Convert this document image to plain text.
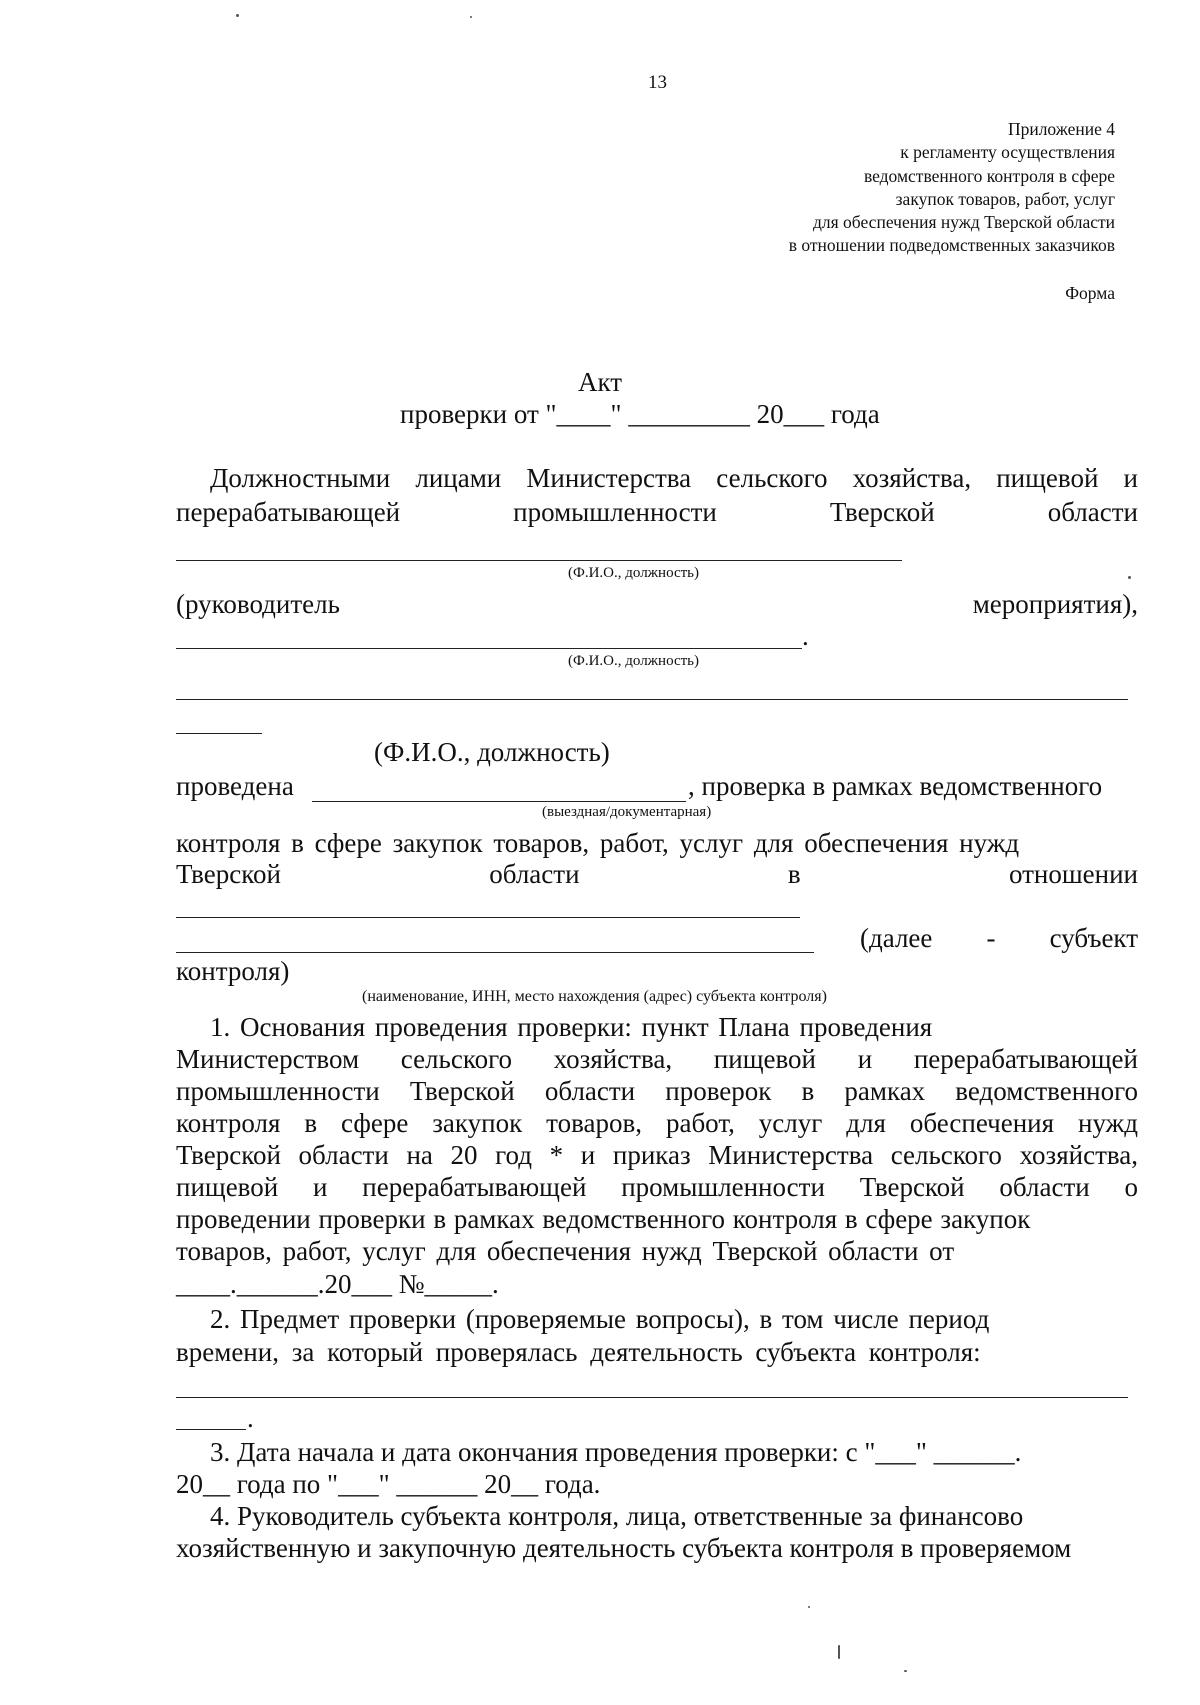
13
Приложение 4
к регламенту осуществления
ведомственного контроля в сфере
закупок товаров, работ, услуг
для обеспечения нужд Тверской области
в отношении подведомственных заказчиков
Форма
Акт
проверки от "____" _________ 20___ года
Должностными лицами Министерства сельского хозяйства, пищевой и
перерабатывающей промышленности Тверской области
(Ф.И.О., должность)
(руководитель	мероприятия),
.
(Ф.И.О., должность)
(Ф.И.О., должность)
проведена	, проверка в рамках ведомственного
(выездная/документарная)
контроля в сфере закупок товаров, работ, услуг для обеспечения нужд
Тверской области в отношении
(далее - субъект
контроля)
(наименование, ИНН, место нахождения (адрес) субъекта контроля)
1. Основания проведения проверки: пункт Плана проведения
Министерством сельского хозяйства, пищевой и перерабатывающей
промышленности Тверской области проверок в рамках ведомственного
контроля в сфере закупок товаров, работ, услуг для обеспечения нужд
Тверской области на 20 год * и приказ Министерства сельского хозяйства,
пищевой и перерабатывающей промышленности Тверской области о
проведении проверки в рамках ведомственного контроля в сфере закупок
товаров, работ, услуг для обеспечения нужд Тверской области от
____.______.20___ №_____.
2. Предмет проверки (проверяемые вопросы), в том числе период
времени, за который проверялась деятельность субъекта контроля:
.
3. Дата начала и дата окончания проведения проверки: с "___" ______.
20__ года по "___" ______ 20__ года.
4. Руководитель субъекта контроля, лица, ответственные за финансово
хозяйственную и закупочную деятельность субъекта контроля в проверяемом
